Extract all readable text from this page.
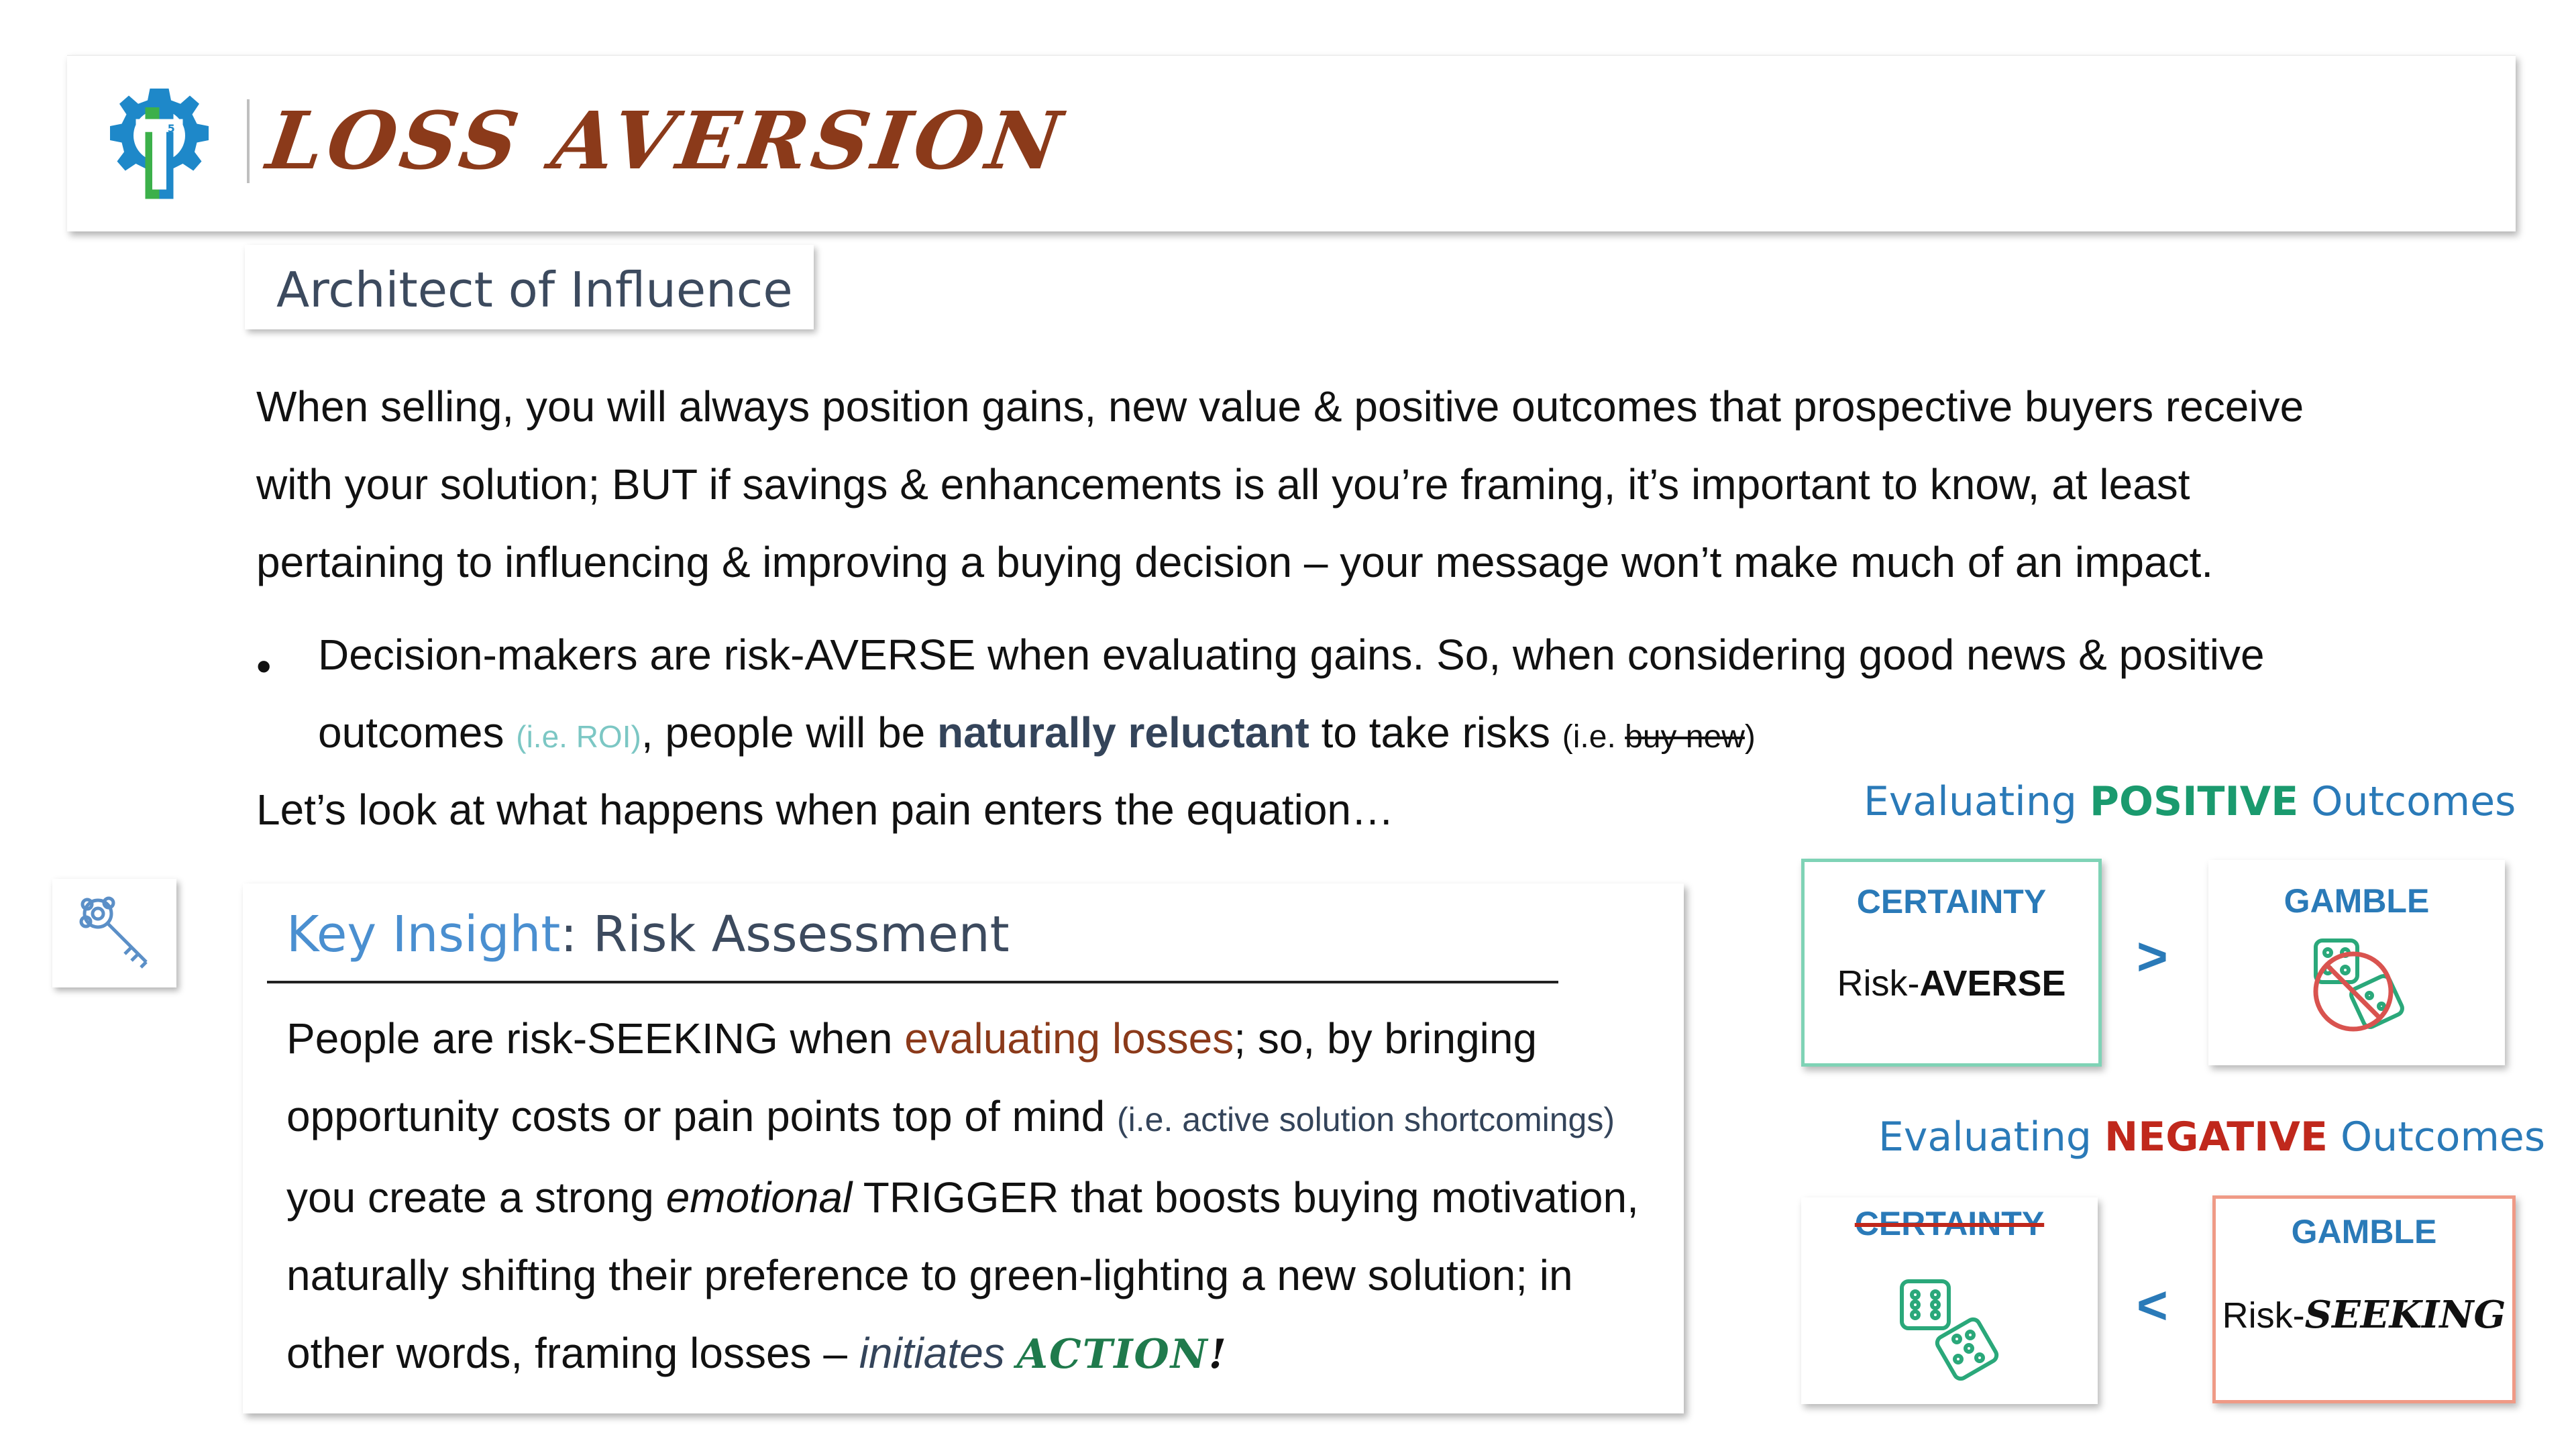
5 LOSS AVERSION
Architect of Influence
When selling, you will always position gains, new value & positive outcomes that prospective buyers receive with your solution; BUT if savings & enhancements is all you’re framing, it’s important to know, at least pertaining to influencing & improving a buying decision – your message won’t make much of an impact.
• Decision-makers are risk-AVERSE when evaluating gains. So, when considering good news & positive outcomes (i.e. ROI), people will be naturally reluctant to take risks (i.e. buy new)
Let’s look at what happens when pain enters the equation…
Key Insight: Risk Assessment
People are risk-SEEKING when evaluating losses; so, by bringing opportunity costs or pain points top of mind (i.e. active solution shortcomings) you create a strong emotional TRIGGER that boosts buying motivation, naturally shifting their preference to green-lighting a new solution; in other words, framing losses – initiates ACTION!
Evaluating POSITIVE Outcomes
CERTAINTY
Risk-AVERSE	>
GAMBLE
Evaluating NEGATIVE Outcomes
CERTAINTY
<
GAMBLE
Risk-SEEKING
